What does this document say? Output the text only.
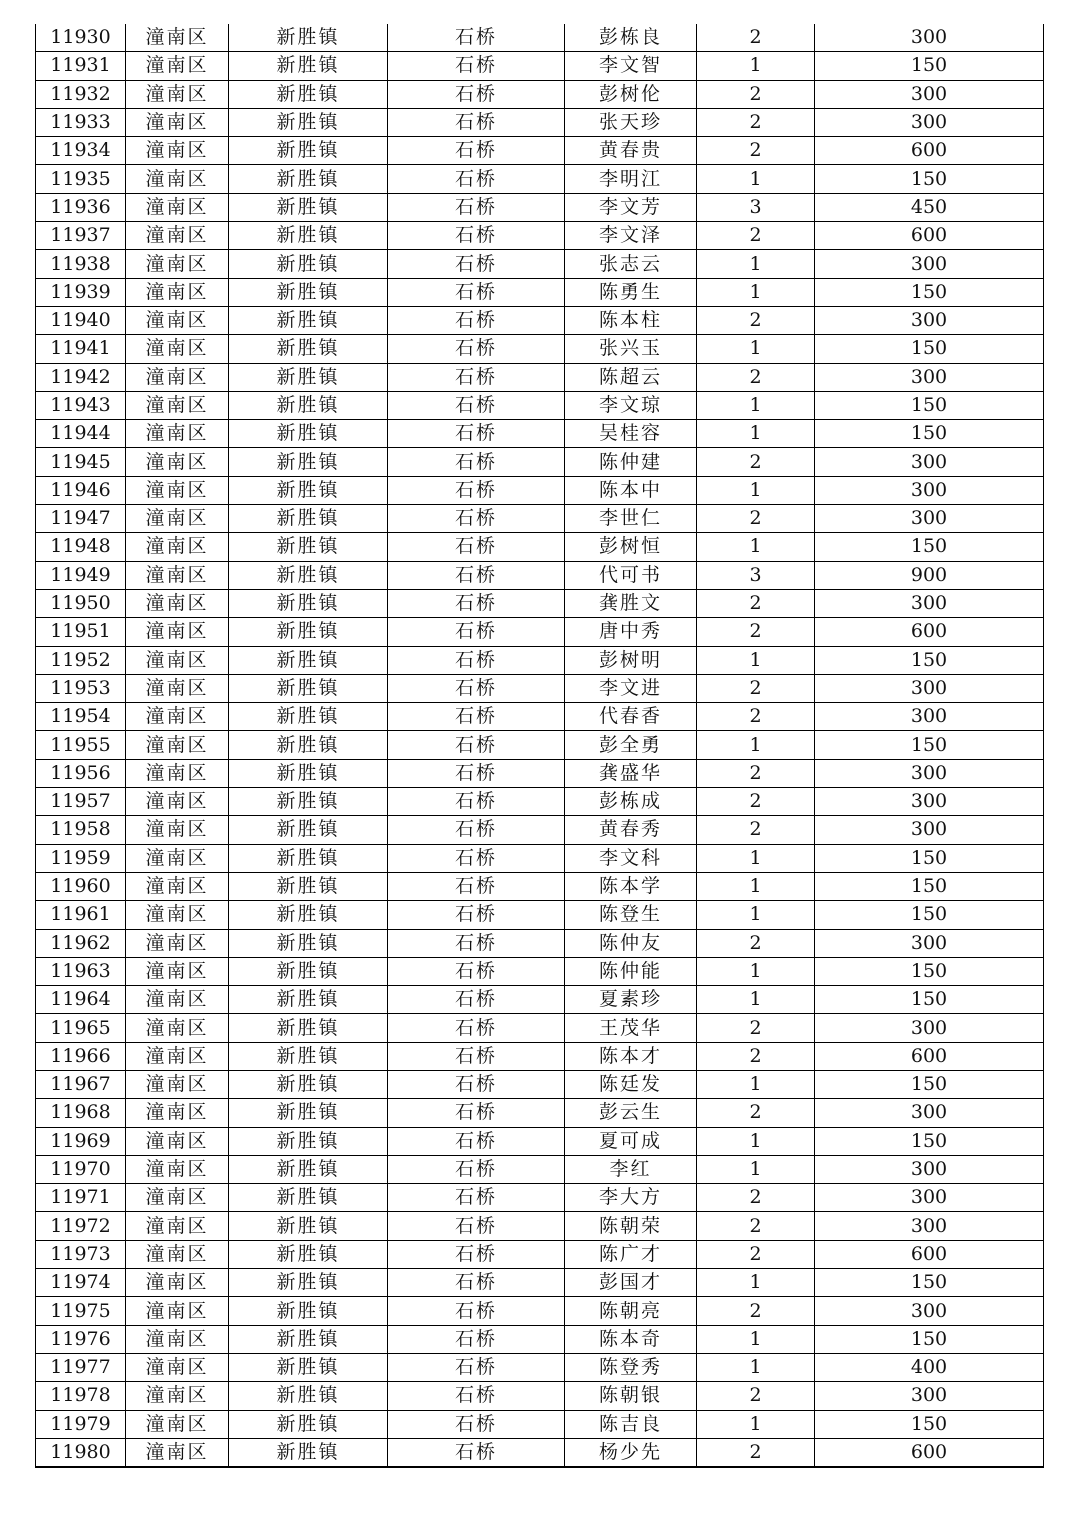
11930	潼南区	新胜镇	石桥	彭栋良	2	300
11931	潼南区	新胜镇	石桥	李文智	1	150
11932	潼南区	新胜镇	石桥	彭树伦	2	300
11933	潼南区	新胜镇	石桥	张天珍	2	300
11934	潼南区	新胜镇	石桥	黄春贵	2	600
11935	潼南区	新胜镇	石桥	李明江	1	150
11936	潼南区	新胜镇	石桥	李文芳	3	450
11937	潼南区	新胜镇	石桥	李文泽	2	600
11938	潼南区	新胜镇	石桥	张志云	1	300
11939	潼南区	新胜镇	石桥	陈勇生	1	150
11940	潼南区	新胜镇	石桥	陈本柱	2	300
11941	潼南区	新胜镇	石桥	张兴玉	1	150
11942	潼南区	新胜镇	石桥	陈超云	2	300
11943	潼南区	新胜镇	石桥	李文琼	1	150
11944	潼南区	新胜镇	石桥	吴桂容	1	150
11945	潼南区	新胜镇	石桥	陈仲建	2	300
11946	潼南区	新胜镇	石桥	陈本中	1	300
11947	潼南区	新胜镇	石桥	李世仁	2	300
11948	潼南区	新胜镇	石桥	彭树恒	1	150
11949	潼南区	新胜镇	石桥	代可书	3	900
11950	潼南区	新胜镇	石桥	龚胜文	2	300
11951	潼南区	新胜镇	石桥	唐中秀	2	600
11952	潼南区	新胜镇	石桥	彭树明	1	150
11953	潼南区	新胜镇	石桥	李文进	2	300
11954	潼南区	新胜镇	石桥	代春香	2	300
11955	潼南区	新胜镇	石桥	彭全勇	1	150
11956	潼南区	新胜镇	石桥	龚盛华	2	300
11957	潼南区	新胜镇	石桥	彭栋成	2	300
11958	潼南区	新胜镇	石桥	黄春秀	2	300
11959	潼南区	新胜镇	石桥	李文科	1	150
11960	潼南区	新胜镇	石桥	陈本学	1	150
11961	潼南区	新胜镇	石桥	陈登生	1	150
11962	潼南区	新胜镇	石桥	陈仲友	2	300
11963	潼南区	新胜镇	石桥	陈仲能	1	150
11964	潼南区	新胜镇	石桥	夏素珍	1	150
11965	潼南区	新胜镇	石桥	王茂华	2	300
11966	潼南区	新胜镇	石桥	陈本才	2	600
11967	潼南区	新胜镇	石桥	陈廷发	1	150
11968	潼南区	新胜镇	石桥	彭云生	2	300
11969	潼南区	新胜镇	石桥	夏可成	1	150
11970	潼南区	新胜镇	石桥	李红	1	300
11971	潼南区	新胜镇	石桥	李大方	2	300
11972	潼南区	新胜镇	石桥	陈朝荣	2	300
11973	潼南区	新胜镇	石桥	陈广才	2	600
11974	潼南区	新胜镇	石桥	彭国才	1	150
11975	潼南区	新胜镇	石桥	陈朝亮	2	300
11976	潼南区	新胜镇	石桥	陈本奇	1	150
11977	潼南区	新胜镇	石桥	陈登秀	1	400
11978	潼南区	新胜镇	石桥	陈朝银	2	300
11979	潼南区	新胜镇	石桥	陈吉良	1	150
11980	潼南区	新胜镇	石桥	杨少先	2	600
